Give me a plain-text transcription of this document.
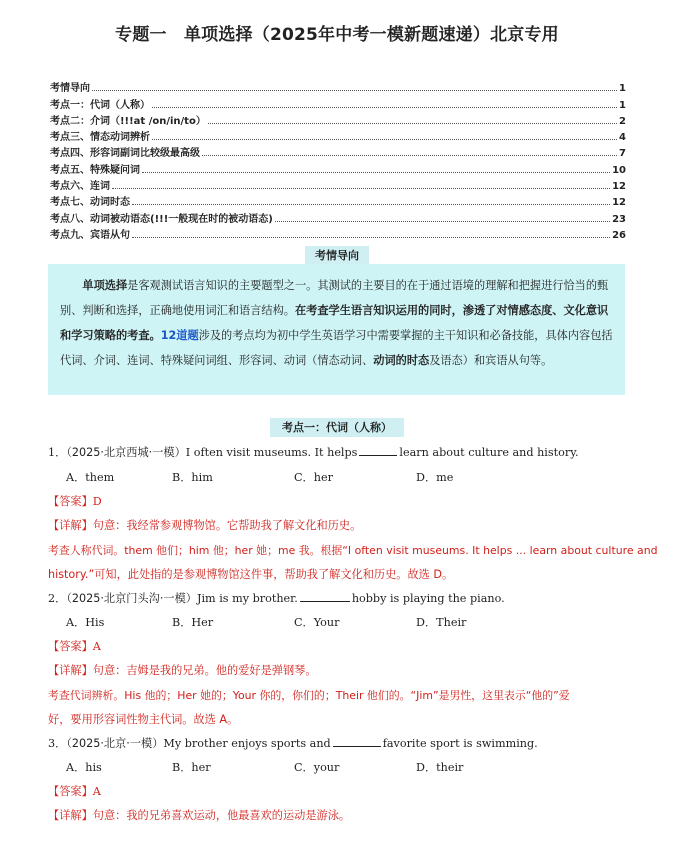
专题一　单项选择（2025年中考一模新题速递）北京专用
考情导向	1
考点一：代词（人称）	1
考点二：介词（!!!at /on/in/to）	2
考点三、情态动词辨析	4
考点四、形容词副词比较级最高级	7
考点五、特殊疑问词	10
考点六、连词	12
考点七、动词时态	12
考点八、动词被动语态(!!!一般现在时的被动语态)	23
考点九、宾语从句	26
考情导向

单项选择是客观测试语言知识的主要题型之一。其测试的主要目的在于通过语境的理解和把握进行恰当的甄别、判断和选择，正确地使用词汇和语言结构。在考查学生语言知识运用的同时，渗透了对情感态度、文化意识和学习策略的考查。12道题涉及的考点均为初中学生英语学习中需要掌握的主干知识和必备技能，具体内容包括代词、介词、连词、特殊疑问词组、形容词、动词（情态动词、动词的时态及语态）和宾语从句等。

考点一：代词（人称）
1．（2025·北京西城·一模）I often visit museums. It helps	learn about culture and history.
A．them	B．him	C．her	D．me
【答案】D
【详解】句意：我经常参观博物馆。它帮助我了解文化和历史。
考查人称代词。them 他们；him 他；her 她；me 我。根据“I often visit museums. It helps ... learn about culture and
history.”可知，此处指的是参观博物馆这件事，帮助我了解文化和历史。故选 D。
2．（2025·北京门头沟·一模）Jim is my brother.	hobby is playing the piano.
A．His	B．Her	C．Your	D．Their
【答案】A
【详解】句意：吉姆是我的兄弟。他的爱好是弹钢琴。
考查代词辨析。His 他的；Her 她的；Your 你的，你们的；Their 他们的。“Jim”是男性，这里表示“他的”爱
好，要用形容词性物主代词。故选 A。
3．（2025·北京·一模）My brother enjoys sports and	favorite sport is swimming.
A．his	B．her	C．your	D．their
【答案】A
【详解】句意：我的兄弟喜欢运动，他最喜欢的运动是游泳。
